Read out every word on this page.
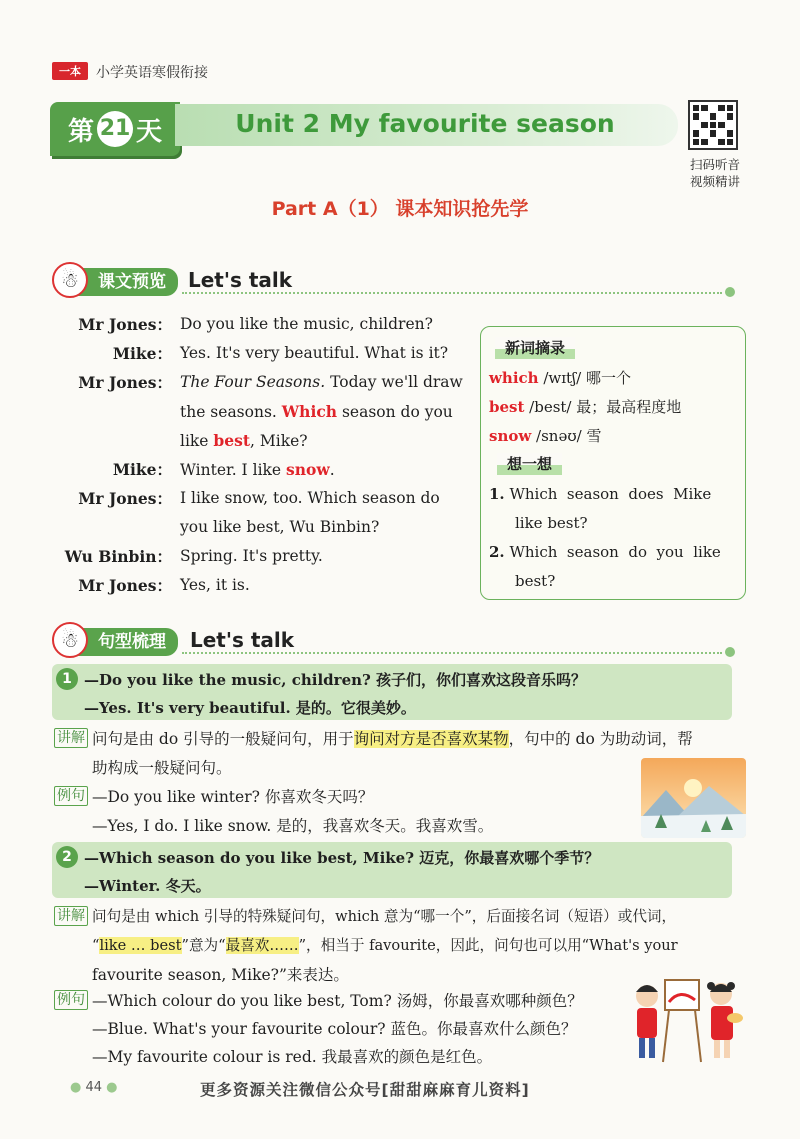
一本	小学英语寒假衔接
第 21 天	Unit 2 My favourite season
扫码听音
视频精讲
Part A（1） 课本知识抢先学
课文预览
☃	Let's talk
Mr Jones： Do you like the music, children?
Mike： Yes. It's very beautiful. What is it?
Mr Jones： The Four Seasons. Today we'll draw
the seasons. Which season do you
like best, Mike?
Mike： Winter. I like snow.
Mr Jones： I like snow, too. Which season do
you like best, Wu Binbin?
Wu Binbin： Spring. It's pretty.
Mr Jones： Yes, it is.
新词摘录
which /wɪtʃ/ 哪一个
best /best/ 最；最高程度地
snow /snəʊ/ 雪
想一想
1. Which  season  does  Mike
like best?
2. Which  season  do  you  like
best?
句型梳理
☃	Let's talk
1 —Do you like the music, children? 孩子们，你们喜欢这段音乐吗？
—Yes. It's very beautiful. 是的。它很美妙。
讲解 问句是由 do 引导的一般疑问句，用于询问对方是否喜欢某物，句中的 do 为助动词，帮
助构成一般疑问句。
例句 —Do you like winter? 你喜欢冬天吗？
—Yes, I do. I like snow. 是的，我喜欢冬天。我喜欢雪。
2 —Which season do you like best, Mike? 迈克，你最喜欢哪个季节？
—Winter. 冬天。
讲解 问句是由 which 引导的特殊疑问句，which 意为“哪一个”，后面接名词（短语）或代词，
“like … best”意为“最喜欢……”，相当于 favourite，因此，问句也可以用“What's your
favourite season, Mike?”来表达。
例句 —Which colour do you like best, Tom? 汤姆，你最喜欢哪种颜色？
—Blue. What's your favourite colour? 蓝色。你最喜欢什么颜色？
—My favourite colour is red. 我最喜欢的颜色是红色。
● 44 ●	更多资源关注微信公众号[甜甜麻麻育儿资料]
